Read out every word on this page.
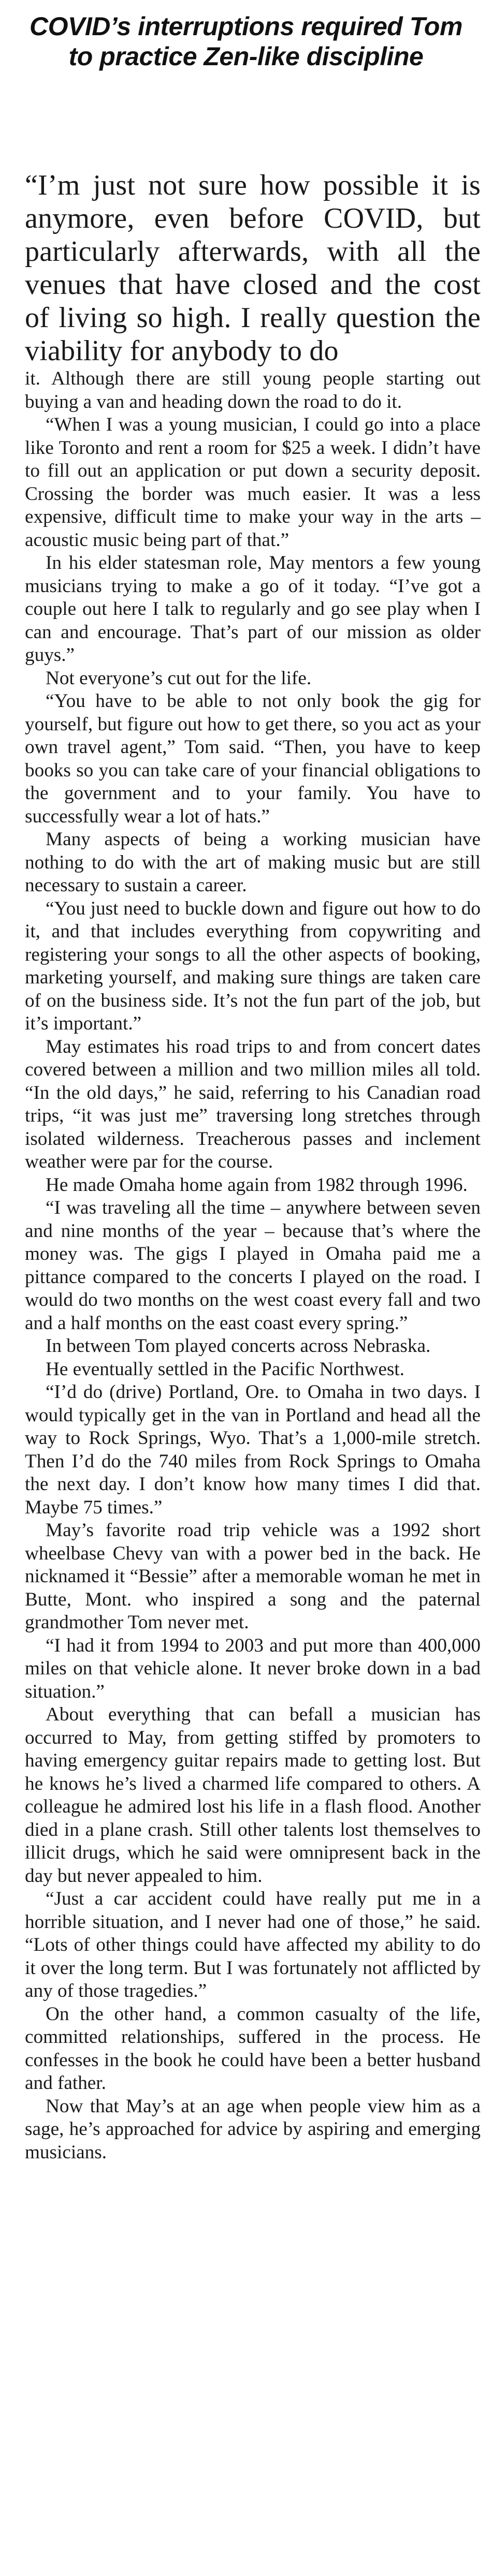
COVID’s interruptions required Tom
to practice Zen-like discipline

“I’m just not sure how possible it is anymore, even before COVID, but particularly afterwards, with all the venues that have closed and the cost of living so high. I really question the viability for anybody to do

it. Although there are still young people starting out buying a van and heading down the road to do it.

“When I was a young musician, I could go into a place like Toronto and rent a room for $25 a week. I didn’t have to fill out an application or put down a security deposit. Crossing the border was much easier. It was a less expensive, difficult time to make your way in the arts – acoustic music being part of that.”

In his elder statesman role, May mentors a few young musicians trying to make a go of it today. “I’ve got a couple out here I talk to regularly and go see play when I can and encourage. That’s part of our mission as older guys.”

Not everyone’s cut out for the life.

“You have to be able to not only book the gig for yourself, but figure out how to get there, so you act as your own travel agent,” Tom said. “Then, you have to keep books so you can take care of your financial obligations to the government and to your family. You have to successfully wear a lot of hats.”

Many aspects of being a working musician have nothing to do with the art of making music but are still necessary to sustain a career.

“You just need to buckle down and figure out how to do it, and that includes everything from copywriting and registering your songs to all the other aspects of booking, marketing yourself, and making sure things are taken care of on the business side. It’s not the fun part of the job, but it’s important.”

May estimates his road trips to and from concert dates covered between a million and two million miles all told. “In the old days,” he said, referring to his Canadian road trips, “it was just me” traversing long stretches through isolated wilderness. Treacherous passes and inclement weather were par for the course.

He made Omaha home again from 1982 through 1996.

“I was traveling all the time – anywhere between seven and nine months of the year – because that’s where the money was. The gigs I played in Omaha paid me a pittance compared to the concerts I played on the road. I would do two months on the west coast every fall and two and a half months on the east coast every spring.”

In between Tom played concerts across Nebraska.

He eventually settled in the Pacific Northwest.

“I’d do (drive) Portland, Ore. to Omaha in two days. I would typically get in the van in Portland and head all the way to Rock Springs, Wyo. That’s a 1,000-mile stretch. Then I’d do the 740 miles from Rock Springs to Omaha the next day. I don’t know how many times I did that. Maybe 75 times.”

May’s favorite road trip vehicle was a 1992 short wheelbase Chevy van with a power bed in the back. He nicknamed it “Bessie” after a memorable woman he met in Butte, Mont. who inspired a song and the paternal grandmother Tom never met.

“I had it from 1994 to 2003 and put more than 400,000 miles on that vehicle alone. It never broke down in a bad situation.”

About everything that can befall a musician has occurred to May, from getting stiffed by promoters to having emergency guitar repairs made to getting lost. But he knows he’s lived a charmed life compared to others. A colleague he admired lost his life in a flash flood. Another died in a plane crash. Still other talents lost themselves to illicit drugs, which he said were omnipresent back in the day but never appealed to him.

“Just a car accident could have really put me in a horrible situation, and I never had one of those,” he said. “Lots of other things could have affected my ability to do it over the long term. But I was fortunately not afflicted by any of those tragedies.”

On the other hand, a common casualty of the life, committed relationships, suffered in the process. He confesses in the book he could have been a better husband and father.

Now that May’s at an age when people view him as a sage, he’s approached for advice by aspiring and emerging musicians.
